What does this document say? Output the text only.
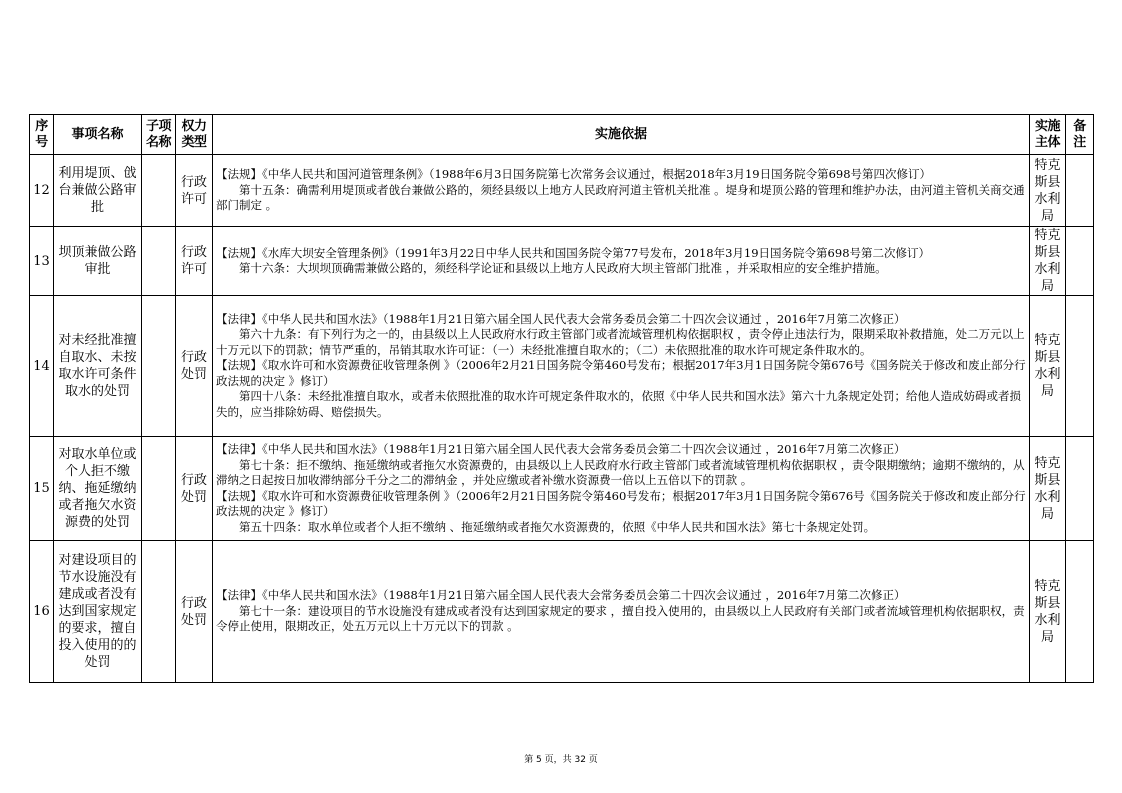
序号	事项名称	子项名称	权力类型	实施依据	实施主体	备注
12	利用堤顶、戗台兼做公路审批		行政许可	【法规】《中华人民共和国河道管理条例》（1988年6月3日国务院第七次常务会议通过，根据2018年3月19日国务院令第698号第四次修订）
第十五条：确需利用堤顶或者戗台兼做公路的，须经县级以上地方人民政府河道主管机关批准 。堤身和堤顶公路的管理和维护办法，由河道主管机关商交通部门制定 。	特克斯县水利局	
13	坝顶兼做公路审批		行政许可	【法规】《水库大坝安全管理条例》（1991年3月22日中华人民共和国国务院令第77号发布，2018年3月19日国务院令第698号第二次修订）
第十六条：大坝坝顶确需兼做公路的，须经科学论证和县级以上地方人民政府大坝主管部门批准 ，并采取相应的安全维护措施。	特克斯县水利局	
14	对未经批准擅自取水、未按取水许可条件取水的处罚		行政处罚	【法律】《中华人民共和国水法》（1988年1月21日第六届全国人民代表大会常务委员会第二十四次会议通过 ，2016年7月第二次修正）
第六十九条：有下列行为之一的，由县级以上人民政府水行政主管部门或者流域管理机构依据职权 ，责令停止违法行为，限期采取补救措施，处二万元以上十万元以下的罚款；情节严重的，吊销其取水许可证：（一）未经批准擅自取水的；（二）未依照批准的取水许可规定条件取水的。
【法规】《取水许可和水资源费征收管理条例 》（2006年2月21日国务院令第460号发布；根据2017年3月1日国务院令第676号《国务院关于修改和废止部分行政法规的决定 》修订）
第四十八条：未经批准擅自取水，或者未依照批准的取水许可规定条件取水的，依照《中华人民共和国水法》第六十九条规定处罚；给他人造成妨碍或者损失的，应当排除妨碍、赔偿损失。	特克斯县水利局	
15	对取水单位或个人拒不缴纳、拖延缴纳或者拖欠水资源费的处罚		行政处罚	【法律】《中华人民共和国水法》（1988年1月21日第六届全国人民代表大会常务委员会第二十四次会议通过 ，2016年7月第二次修正）
第七十条：拒不缴纳、拖延缴纳或者拖欠水资源费的，由县级以上人民政府水行政主管部门或者流域管理机构依据职权 ，责令限期缴纳；逾期不缴纳的，从滞纳之日起按日加收滞纳部分千分之二的滞纳金 ，并处应缴或者补缴水资源费一倍以上五倍以下的罚款 。
【法规】《取水许可和水资源费征收管理条例 》（2006年2月21日国务院令第460号发布；根据2017年3月1日国务院令第676号《国务院关于修改和废止部分行政法规的决定 》修订）
第五十四条：取水单位或者个人拒不缴纳 、拖延缴纳或者拖欠水资源费的，依照《中华人民共和国水法》第七十条规定处罚。	特克斯县水利局	
16	对建设项目的节水设施没有建成或者没有达到国家规定的要求，擅自投入使用的的处罚		行政处罚	【法律】《中华人民共和国水法》（1988年1月21日第六届全国人民代表大会常务委员会第二十四次会议通过 ，2016年7月第二次修正）
第七十一条：建设项目的节水设施没有建成或者没有达到国家规定的要求 ，擅自投入使用的，由县级以上人民政府有关部门或者流域管理机构依据职权，责令停止使用，限期改正，处五万元以上十万元以下的罚款 。	特克斯县水利局	
第 5 页，共 32 页
